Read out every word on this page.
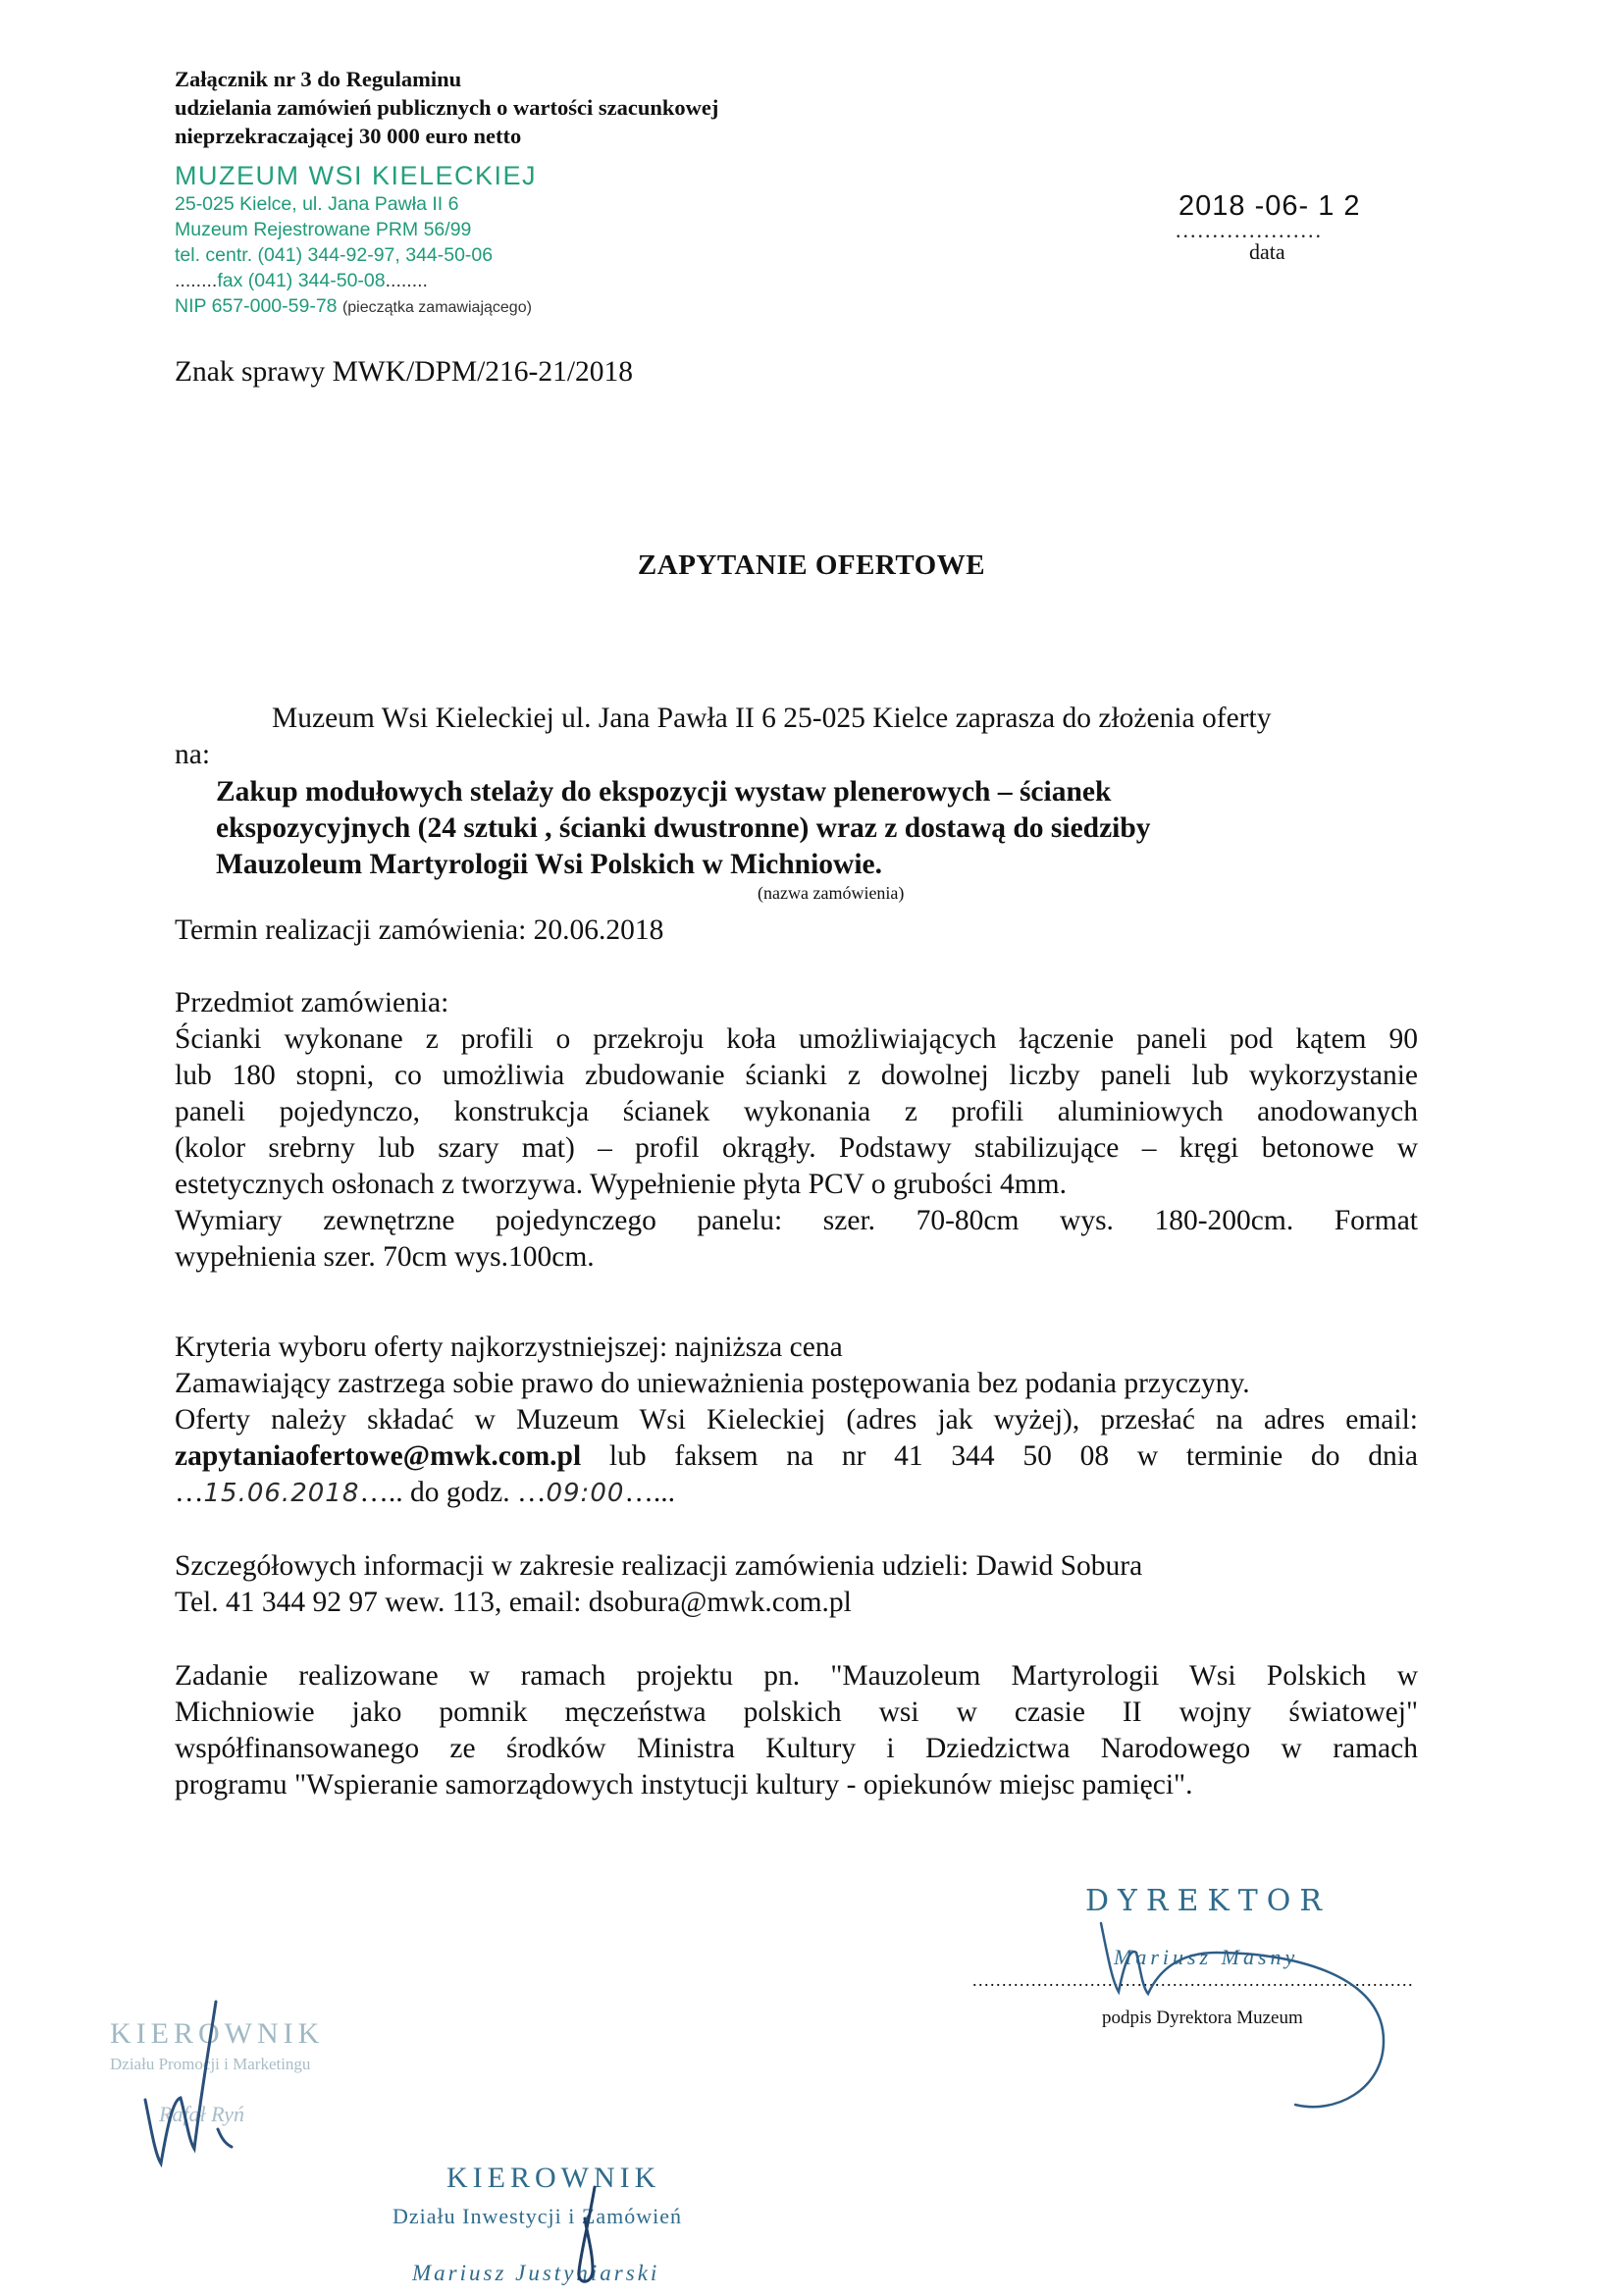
Załącznik nr 3 do Regulaminu
udzielania zamówień publicznych o wartości szacunkowej
nieprzekraczającej 30 000 euro netto
MUZEUM WSI KIELECKIEJ
25-025 Kielce, ul. Jana Pawła II 6
Muzeum Rejestrowane PRM 56/99
tel. centr. (041) 344-92-97, 344-50-06
........fax (041) 344-50-08........
NIP 657-000-59-78 (pieczątka zamawiającego)
2018 -06- 1 2
....................
data
Znak sprawy MWK/DPM/216-21/2018
ZAPYTANIE OFERTOWE
Muzeum Wsi Kieleckiej ul. Jana Pawła II 6 25-025 Kielce zaprasza do złożenia oferty
na:
Zakup modułowych stelaży do ekspozycji wystaw plenerowych – ścianek
ekspozycyjnych (24 sztuki , ścianki dwustronne) wraz z dostawą do siedziby
Mauzoleum Martyrologii Wsi Polskich w Michniowie.
(nazwa zamówienia)
Termin realizacji zamówienia: 20.06.2018
Przedmiot zamówienia:
Ścianki wykonane z profili o przekroju koła umożliwiających łączenie paneli pod kątem 90
lub 180 stopni, co umożliwia zbudowanie ścianki z dowolnej liczby paneli lub wykorzystanie
paneli pojedynczo, konstrukcja ścianek wykonania z profili aluminiowych anodowanych
(kolor srebrny lub szary mat) – profil okrągły. Podstawy stabilizujące – kręgi betonowe w
estetycznych osłonach z tworzywa. Wypełnienie płyta PCV o grubości 4mm.
Wymiary zewnętrzne pojedynczego panelu: szer. 70-80cm wys. 180-200cm. Format
wypełnienia szer. 70cm wys.100cm.
Kryteria wyboru oferty najkorzystniejszej: najniższa cena
Zamawiający zastrzega sobie prawo do unieważnienia postępowania bez podania przyczyny.
Oferty należy składać w Muzeum Wsi Kieleckiej (adres jak wyżej), przesłać na adres email:
zapytaniaofertowe@mwk.com.pl lub faksem na nr 41 344 50 08 w terminie do dnia
…15.06.2018….. do godz. …09:00…...
Szczegółowych informacji w zakresie realizacji zamówienia udzieli: Dawid Sobura
Tel. 41 344 92 97 wew. 113, email: dsobura@mwk.com.pl
Zadanie realizowane w ramach projektu pn. "Mauzoleum Martyrologii Wsi Polskich w
Michniowie jako pomnik męczeństwa polskich wsi w czasie II wojny światowej"
współfinansowanego ze środków Ministra Kultury i Dziedzictwa Narodowego w ramach
programu "Wspieranie samorządowych instytucji kultury - opiekunów miejsc pamięci".
DYREKTOR
Mariusz Masny
...........................................................................
podpis Dyrektora Muzeum
KIEROWNIK
Działu Promocji i Marketingu
Rafał Ryń
KIEROWNIK
Działu Inwestycji i Zamówień
Mariusz Justyniarski
